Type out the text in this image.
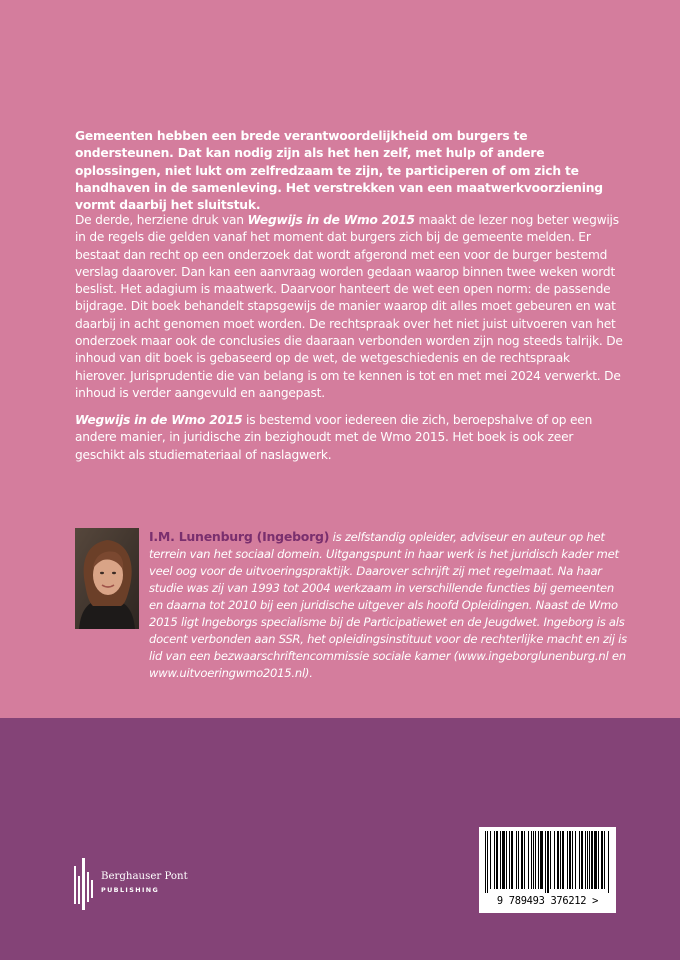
Gemeenten hebben een brede verantwoordelijkheid om burgers te ondersteunen. Dat kan nodig zijn als het hen zelf, met hulp of andere oplossingen, niet lukt om zelfredzaam te zijn, te participeren of om zich te handhaven in de samenleving. Het verstrekken van een maatwerkvoorziening vormt daarbij het sluitstuk.

De derde, herziene druk van Wegwijs in de Wmo 2015 maakt de lezer nog beter wegwijs in de regels die gelden vanaf het moment dat burgers zich bij de gemeente melden. Er bestaat dan recht op een onderzoek dat wordt afgerond met een voor de burger bestemd verslag daarover. Dan kan een aanvraag worden gedaan waarop binnen twee weken wordt beslist. Het adagium is maatwerk. Daarvoor hanteert de wet een open norm: de passende bijdrage. Dit boek behandelt stapsgewijs de manier waarop dit alles moet gebeuren en wat daarbij in acht genomen moet worden. De rechtspraak over het niet juist uitvoeren van het onderzoek maar ook de conclusies die daaraan verbonden worden zijn nog steeds talrijk. De inhoud van dit boek is gebaseerd op de wet, de wetgeschiedenis en de rechtspraak hierover. Jurisprudentie die van belang is om te kennen is tot en met mei 2024 verwerkt. De inhoud is verder aangevuld en aangepast.

Wegwijs in de Wmo 2015 is bestemd voor iedereen die zich, beroepshalve of op een andere manier, in juridische zin bezighoudt met de Wmo 2015. Het boek is ook zeer geschikt als studiemateriaal of naslagwerk.

I.M. Lunenburg (Ingeborg) is zelfstandig opleider, adviseur en auteur op het terrein van het sociaal domein. Uitgangspunt in haar werk is het juridisch kader met veel oog voor de uitvoeringspraktijk. Daarover schrijft zij met regelmaat. Na haar studie was zij van 1993 tot 2004 werkzaam in verschillende functies bij gemeenten en daarna tot 2010 bij een juridische uitgever als hoofd Opleidingen. Naast de Wmo 2015 ligt Ingeborgs specialisme bij de Participatiewet en de Jeugdwet. Ingeborg is als docent verbonden aan SSR, het opleidingsinstituut voor de rechterlijke macht en zij is lid van een bezwaarschriftencommissie sociale kamer (www.ingeborglunenburg.nl en www.uitvoeringwmo2015.nl).

Berghauser Pont
PUBLISHING
9 789493 376212 >
